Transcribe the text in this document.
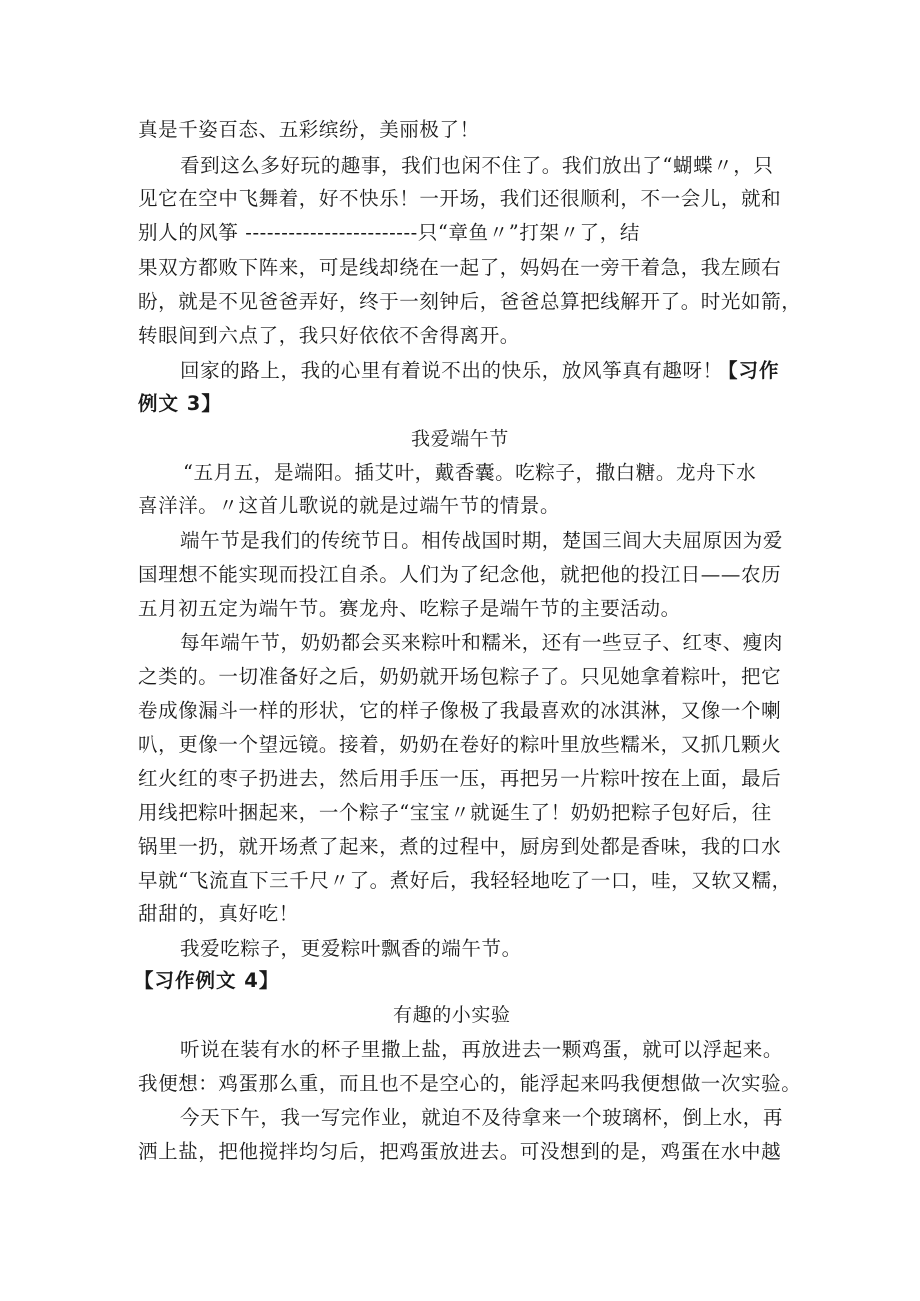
真是千姿百态、五彩缤纷，美丽极了！
看到这么多好玩的趣事，我们也闲不住了。我们放出了“蝴蝶〃，只
见它在空中飞舞着，好不快乐！一开场，我们还很顺利，不一会儿，就和
别人的风筝 ------------------------只“章鱼〃”打架〃了，结
果双方都败下阵来，可是线却绕在一起了，妈妈在一旁干着急，我左顾右
盼，就是不见爸爸弄好，终于一刻钟后，爸爸总算把线解开了。时光如箭，
转眼间到六点了，我只好依依不舍得离开。
回家的路上，我的心里有着说不出的快乐，放风筝真有趣呀！
【习作
例文 3】
我爱端午节
“五月五，是端阳。插艾叶，戴香囊。吃粽子，撒白糖。龙舟下水
喜洋洋。〃这首儿歌说的就是过端午节的情景。
端午节是我们的传统节日。相传战国时期，楚国三闾大夫屈原因为爱
国理想不能实现而投江自杀。人们为了纪念他，就把他的投江日——农历
五月初五定为端午节。赛龙舟、吃粽子是端午节的主要活动。
每年端午节，奶奶都会买来粽叶和糯米，还有一些豆子、红枣、瘦肉
之类的。一切准备好之后，奶奶就开场包粽子了。只见她拿着粽叶，把它
卷成像漏斗一样的形状，它的样子像极了我最喜欢的冰淇淋，又像一个喇
叭，更像一个望远镜。接着，奶奶在卷好的粽叶里放些糯米，又抓几颗火
红火红的枣子扔进去，然后用手压一压，再把另一片粽叶按在上面，最后
用线把粽叶捆起来，一个粽子“宝宝〃就诞生了！奶奶把粽子包好后，往
锅里一扔，就开场煮了起来，煮的过程中，厨房到处都是香味，我的口水
早就“飞流直下三千尺〃了。煮好后，我轻轻地吃了一口，哇，又软又糯，
甜甜的，真好吃！
我爱吃粽子，更爱粽叶飘香的端午节。
【习作例文 4】
有趣的小实验
听说在装有水的杯子里撒上盐，再放进去一颗鸡蛋，就可以浮起来。
我便想：鸡蛋那么重，而且也不是空心的，能浮起来吗我便想做一次实验。
今天下午，我一写完作业，就迫不及待拿来一个玻璃杯，倒上水，再
洒上盐，把他搅拌均匀后，把鸡蛋放进去。可没想到的是，鸡蛋在水中越
